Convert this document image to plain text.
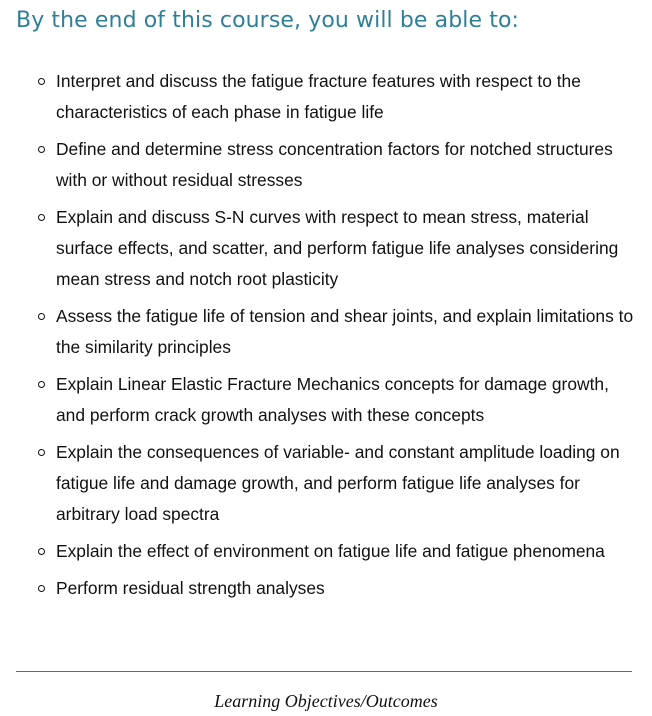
By the end of this course, you will be able to:
Interpret and discuss the fatigue fracture features with respect to the characteristics of each phase in fatigue life
Define and determine stress concentration factors for notched structures with or without residual stresses
Explain and discuss S-N curves with respect to mean stress, material surface effects, and scatter, and perform fatigue life analyses considering mean stress and notch root plasticity
Assess the fatigue life of tension and shear joints, and explain limitations to the similarity principles
Explain Linear Elastic Fracture Mechanics concepts for damage growth, and perform crack growth analyses with these concepts
Explain the consequences of variable- and constant amplitude loading on fatigue life and damage growth, and perform fatigue life analyses for arbitrary load spectra
Explain the effect of environment on fatigue life and fatigue phenomena
Perform residual strength analyses
Learning Objectives/Outcomes
